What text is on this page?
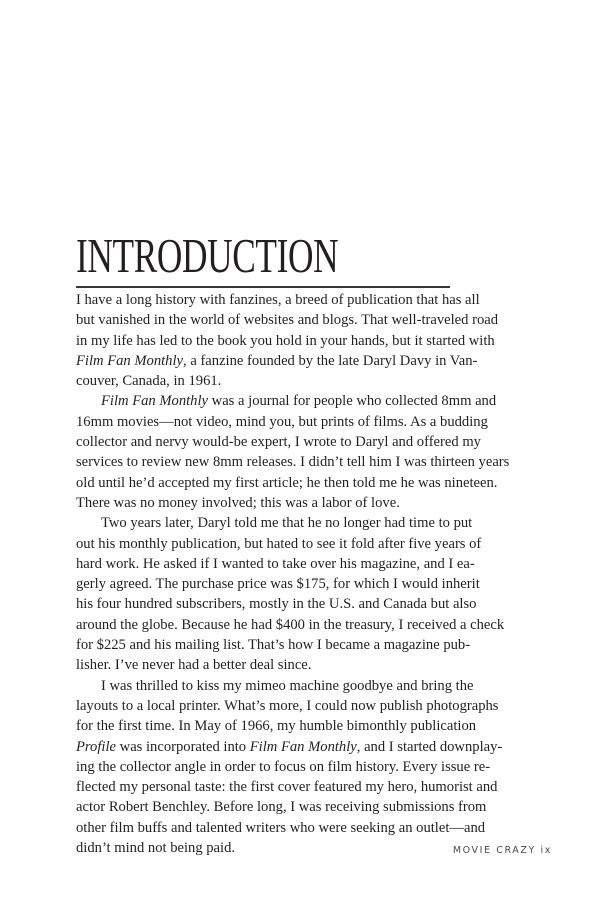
INTRODUCTION
I have a long history with fanzines, a breed of publication that has all
but vanished in the world of websites and blogs. That well-traveled road
in my life has led to the book you hold in your hands, but it started with
Film Fan Monthly, a fanzine founded by the late Daryl Davy in Van-
couver, Canada, in 1961.
Film Fan Monthly was a journal for people who collected 8mm and
16mm movies—not video, mind you, but prints of films. As a budding
collector and nervy would-be expert, I wrote to Daryl and offered my
services to review new 8mm releases. I didn’t tell him I was thirteen years
old until he’d accepted my first article; he then told me he was nineteen.
There was no money involved; this was a labor of love.
Two years later, Daryl told me that he no longer had time to put
out his monthly publication, but hated to see it fold after five years of
hard work. He asked if I wanted to take over his magazine, and I ea-
gerly agreed. The purchase price was $175, for which I would inherit
his four hundred subscribers, mostly in the U.S. and Canada but also
around the globe. Because he had $400 in the treasury, I received a check
for $225 and his mailing list. That’s how I became a magazine pub-
lisher. I’ve never had a better deal since.
I was thrilled to kiss my mimeo machine goodbye and bring the
layouts to a local printer. What’s more, I could now publish photographs
for the first time. In May of 1966, my humble bimonthly publication
Profile was incorporated into Film Fan Monthly, and I started downplay-
ing the collector angle in order to focus on film history. Every issue re-
flected my personal taste: the first cover featured my hero, humorist and
actor Robert Benchley. Before long, I was receiving submissions from
other film buffs and talented writers who were seeking an outlet—and
didn’t mind not being paid.	MOVIE CRAZY ix
